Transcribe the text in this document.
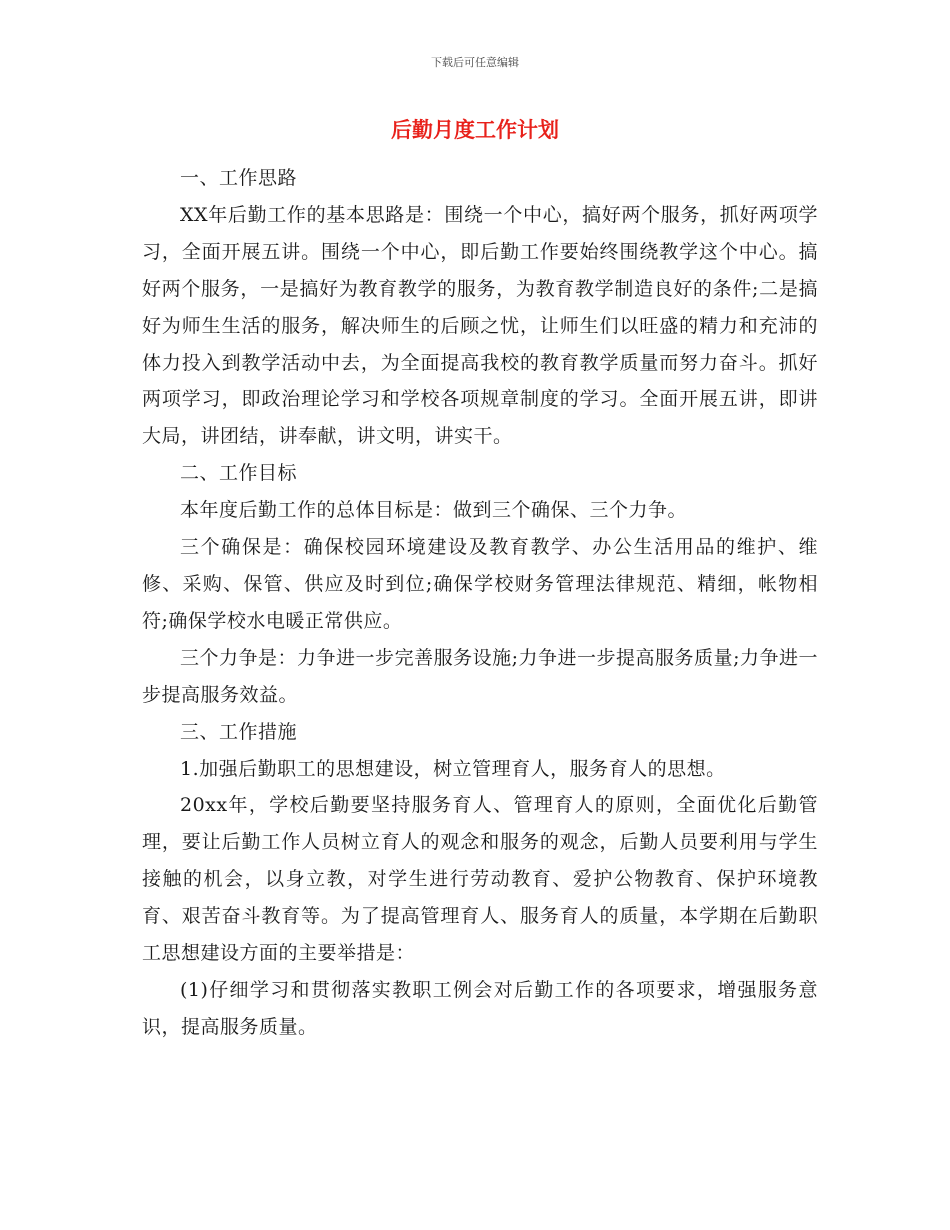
下载后可任意编辑
后勤月度工作计划

一、工作思路

XX年后勤工作的基本思路是：围绕一个中心，搞好两个服务，抓好两项学习，全面开展五讲。围绕一个中心，即后勤工作要始终围绕教学这个中心。搞好两个服务，一是搞好为教育教学的服务，为教育教学制造良好的条件;二是搞好为师生生活的服务，解决师生的后顾之忧，让师生们以旺盛的精力和充沛的体力投入到教学活动中去，为全面提高我校的教育教学质量而努力奋斗。抓好两项学习，即政治理论学习和学校各项规章制度的学习。全面开展五讲，即讲大局，讲团结，讲奉献，讲文明，讲实干。

二、工作目标

本年度后勤工作的总体目标是：做到三个确保、三个力争。

三个确保是：确保校园环境建设及教育教学、办公生活用品的维护、维修、采购、保管、供应及时到位;确保学校财务管理法律规范、精细，帐物相符;确保学校水电暖正常供应。

三个力争是：力争进一步完善服务设施;力争进一步提高服务质量;力争进一步提高服务效益。

三、工作措施

1.加强后勤职工的思想建设，树立管理育人，服务育人的思想。

20xx年，学校后勤要坚持服务育人、管理育人的原则，全面优化后勤管理，要让后勤工作人员树立育人的观念和服务的观念，后勤人员要利用与学生接触的机会，以身立教，对学生进行劳动教育、爱护公物教育、保护环境教育、艰苦奋斗教育等。为了提高管理育人、服务育人的质量，本学期在后勤职工思想建设方面的主要举措是：

(1)仔细学习和贯彻落实教职工例会对后勤工作的各项要求，增强服务意识，提高服务质量。
